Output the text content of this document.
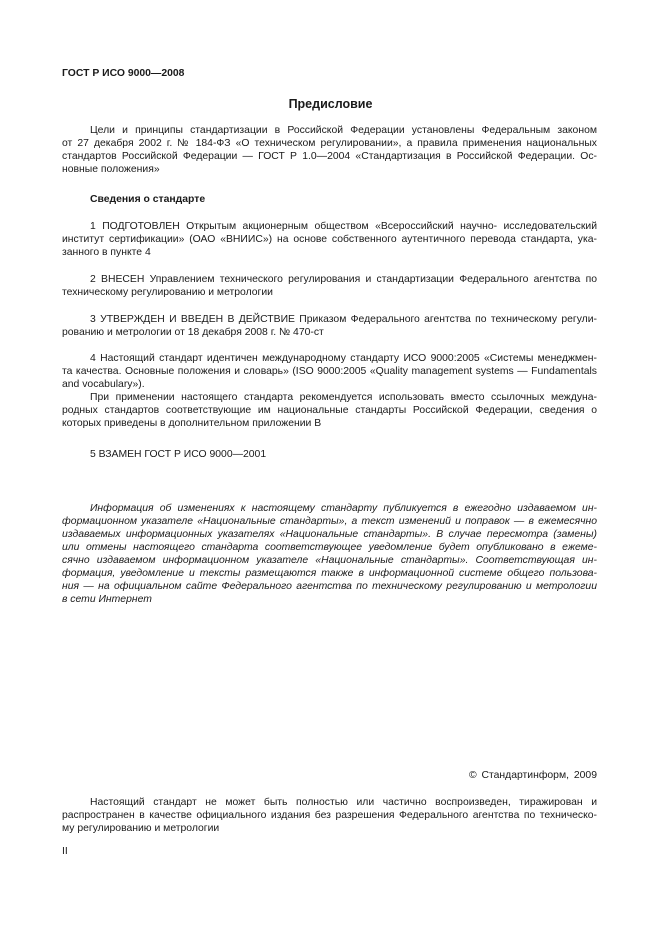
ГОСТ Р ИСО 9000—2008
Предисловие
Цели и принципы стандартизации в Российской Федерации установлены Федеральным законом
от 27 декабря 2002 г. № 184-ФЗ «О техническом регулировании», а правила применения национальных
стандартов Российской Федерации — ГОСТ Р 1.0—2004 «Стандартизация в Российской Федерации. Ос-
новные положения»
Сведения о стандарте
1 ПОДГОТОВЛЕН Открытым акционерным обществом «Всероссийский научно- исследовательский
институт сертификации» (ОАО «ВНИИС») на основе собственного аутентичного перевода стандарта, ука-
занного в пункте 4
2 ВНЕСЕН Управлением технического регулирования и стандартизации Федерального агентства по
техническому регулированию и метрологии
3 УТВЕРЖДЕН И ВВЕДЕН В ДЕЙСТВИЕ Приказом Федерального агентства по техническому регули-
рованию и метрологии от 18 декабря 2008 г. № 470-ст
4 Настоящий стандарт идентичен международному стандарту ИСО 9000:2005 «Системы менеджмен-
та качества. Основные положения и словарь» (ISO 9000:2005 «Quality management systems — Fundamentals
and vocabulary»).
При применении настоящего стандарта рекомендуется использовать вместо ссылочных междуна-
родных стандартов соответствующие им национальные стандарты Российской Федерации, сведения о
которых приведены в дополнительном приложении В
5 ВЗАМЕН ГОСТ Р ИСО 9000—2001
Информация об изменениях к настоящему стандарту публикуется в ежегодно издаваемом ин-
формационном указателе «Национальные стандарты», а текст изменений и поправок — в ежемесячно
издаваемых информационных указателях «Национальные стандарты». В случае пересмотра (замены)
или отмены настоящего стандарта соответствующее уведомление будет опубликовано в ежеме-
сячно издаваемом информационном указателе «Национальные стандарты». Соответствующая ин-
формация, уведомление и тексты размещаются также в информационной системе общего пользова-
ния — на официальном сайте Федерального агентства по техническому регулированию и метрологии
в сети Интернет
© Стандартинформ, 2009
Настоящий стандарт не может быть полностью или частично воспроизведен, тиражирован и
распространен в качестве официального издания без разрешения Федерального агентства по техническо-
му регулированию и метрологии
II
